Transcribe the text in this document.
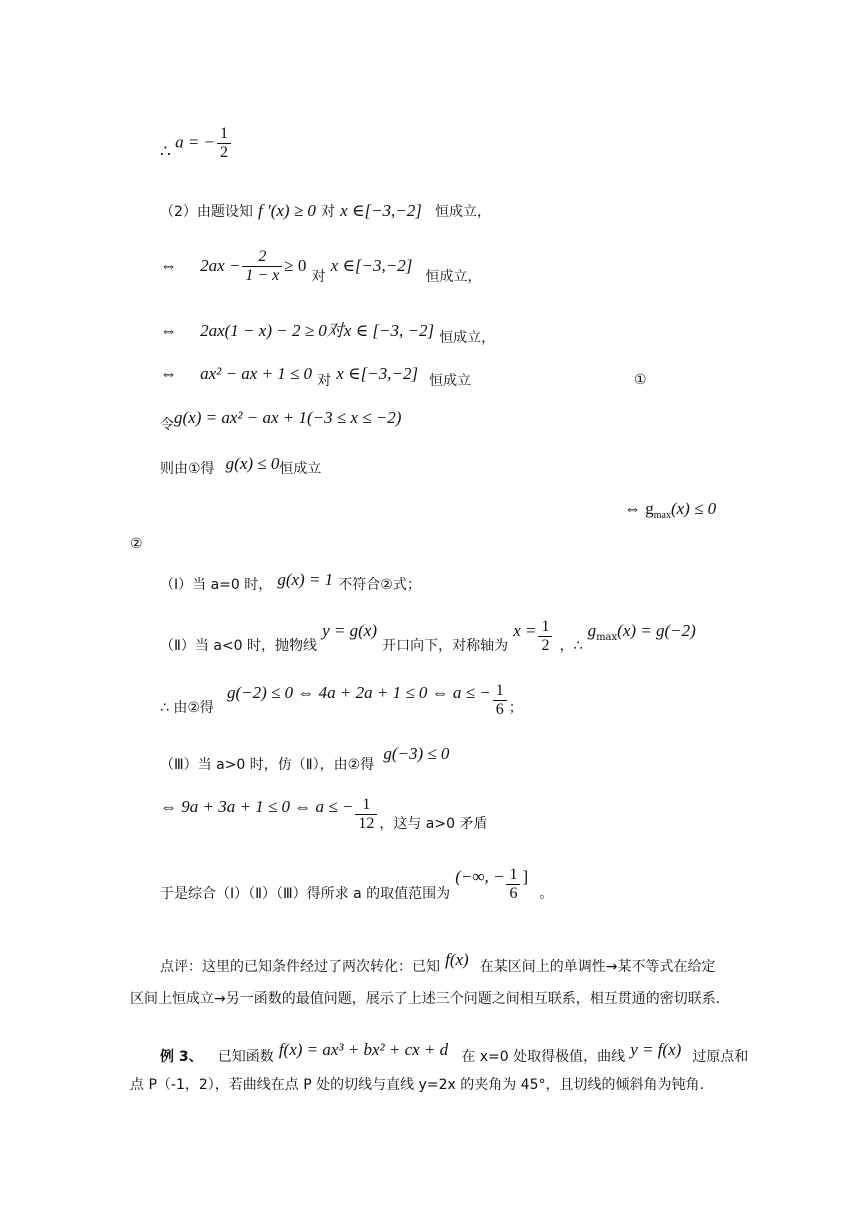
∴ a = − $\frac{1}{2}$
（2）由题设知 f ′(x) ≥ 0 对 x ∈[−3,−2] 恒成立，
⇔ $2ax - \frac{2}{1 - x} \ge 0$ 对 x ∈[−3,−2] 恒成立，
⇔ 2ax(1 − x) − 2 ≥ 0对x ∈ [−3, −2] 恒成立，
⇔ ax² − ax + 1 ≤ 0 对 x ∈[−3,−2] 恒成立	①
令g(x) = ax² − ax + 1(−3 ≤ x ≤ −2)
则由①得 g(x) ≤ 0恒成立
⇔ $g_{max}(x) \le 0$
②
（Ⅰ）当 a=0 时， g(x) = 1 不符合②式；
（Ⅱ）当 a<0 时，抛物线 y = g(x) 开口向下，对称轴为 $x = \frac{1}{2}$ ，∴ $g_{max}(x) = g(-2)$
∴ 由②得 g(−2) ≤ 0 ⇔ 4a + 2a + 1 ≤ 0 ⇔ a ≤ − $\frac{1}{6}$ ；
（Ⅲ）当 a>0 时，仿（Ⅱ），由②得 g(−3) ≤ 0
⇔ 9a + 3a + 1 ≤ 0 ⇔ a ≤ − $\frac{1}{12}$ ，这与 a>0 矛盾
于是综合（Ⅰ）（Ⅱ）（Ⅲ）得所求 a 的取值范围为 (−∞, − $\frac{1}{6}$ ] 。
点评：这里的已知条件经过了两次转化：已知 f(x) 在某区间上的单调性→某不等式在给定
区间上恒成立→另一函数的最值问题，展示了上述三个问题之间相互联系，相互贯通的密切联系.
例 3、 已知函数 f(x) = ax³ + bx² + cx + d 在 x=0 处取得极值，曲线 y = f(x) 过原点和
点 P（-1，2），若曲线在点 P 处的切线与直线 y=2x 的夹角为 45°，且切线的倾斜角为钝角.
